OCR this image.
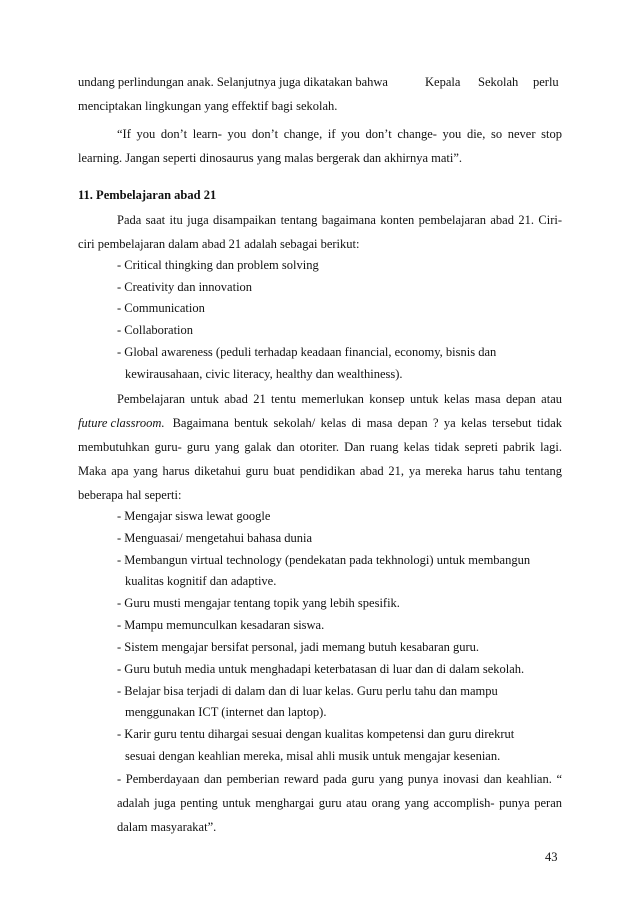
undang perlindungan anak. Selanjutnya juga dikatakan bahwa	Kepala Sekolah perlu
menciptakan lingkungan yang effektif bagi sekolah.
“If you don’t learn- you don’t change, if you don’t change- you die, so never stop
learning. Jangan seperti dinosaurus yang malas bergerak dan akhirnya mati”.
11. Pembelajaran abad 21
Pada saat itu juga disampaikan tentang bagaimana konten pembelajaran abad 21. Ciri-
ciri pembelajaran dalam abad 21 adalah sebagai berikut:
- Critical thingking dan problem solving
- Creativity dan innovation
- Communication
- Collaboration
- Global awareness (peduli terhadap keadaan financial, economy, bisnis dan
kewirausahaan, civic literacy, healthy dan wealthiness).
Pembelajaran untuk abad 21 tentu memerlukan konsep untuk kelas masa depan atau
future classroom. Bagaimana bentuk sekolah/ kelas di masa depan ? ya kelas tersebut tidak
membutuhkan guru- guru yang galak dan otoriter. Dan ruang kelas tidak sepreti pabrik lagi.
Maka apa yang harus diketahui guru buat pendidikan abad 21, ya mereka harus tahu tentang
beberapa hal seperti:
- Mengajar siswa lewat google
- Menguasai/ mengetahui bahasa dunia
- Membangun virtual technology (pendekatan pada tekhnologi) untuk membangun
kualitas kognitif dan adaptive.
- Guru musti mengajar tentang topik yang lebih spesifik.
- Mampu memunculkan kesadaran siswa.
- Sistem mengajar bersifat personal, jadi memang butuh kesabaran guru.
- Guru butuh media untuk menghadapi keterbatasan di luar dan di dalam sekolah.
- Belajar bisa terjadi di dalam dan di luar kelas. Guru perlu tahu dan mampu
menggunakan ICT (internet dan laptop).
- Karir guru tentu dihargai sesuai dengan kualitas kompetensi dan guru direkrut
sesuai dengan keahlian mereka, misal ahli musik untuk mengajar kesenian.
- Pemberdayaan dan pemberian reward pada guru yang punya inovasi dan keahlian. “
adalah juga penting untuk menghargai guru atau orang yang accomplish- punya peran
dalam masyarakat”.
43
